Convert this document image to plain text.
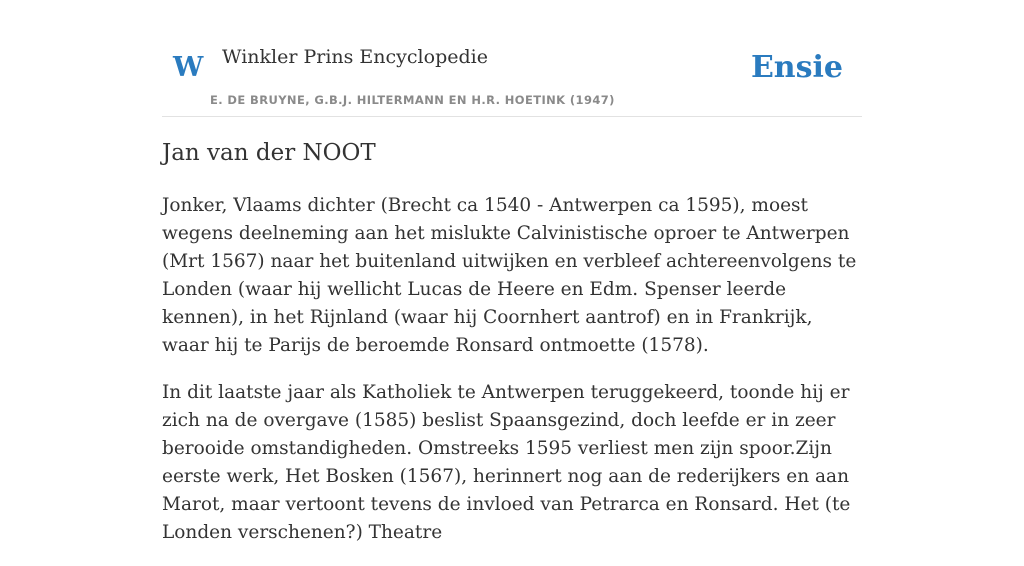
W Winkler Prins Encyclopedie
E. DE BRUYNE, G.B.J. HILTERMANN EN H.R. HOETINK (1947)
Ensie
Jan van der NOOT

Jonker, Vlaams dichter (Brecht ca 1540 - Antwerpen ca 1595), moest wegens deelneming aan het mislukte Calvinistische oproer te Antwerpen (Mrt 1567) naar het buitenland uitwijken en verbleef achtereenvolgens te Londen (waar hij wellicht Lucas de Heere en Edm. Spenser leerde kennen), in het Rijnland (waar hij Coornhert aantrof) en in Frankrijk, waar hij te Parijs de beroemde Ronsard ontmoette (1578).

In dit laatste jaar als Katholiek te Antwerpen teruggekeerd, toonde hij er zich na de overgave (1585) beslist Spaansgezind, doch leefde er in zeer berooide omstandigheden. Omstreeks 1595 verliest men zijn spoor.Zijn eerste werk, Het Bosken (1567), herinnert nog aan de rederijkers en aan Marot, maar vertoont tevens de invloed van Petrarca en Ronsard. Het (te Londen verschenen?) Theatre
